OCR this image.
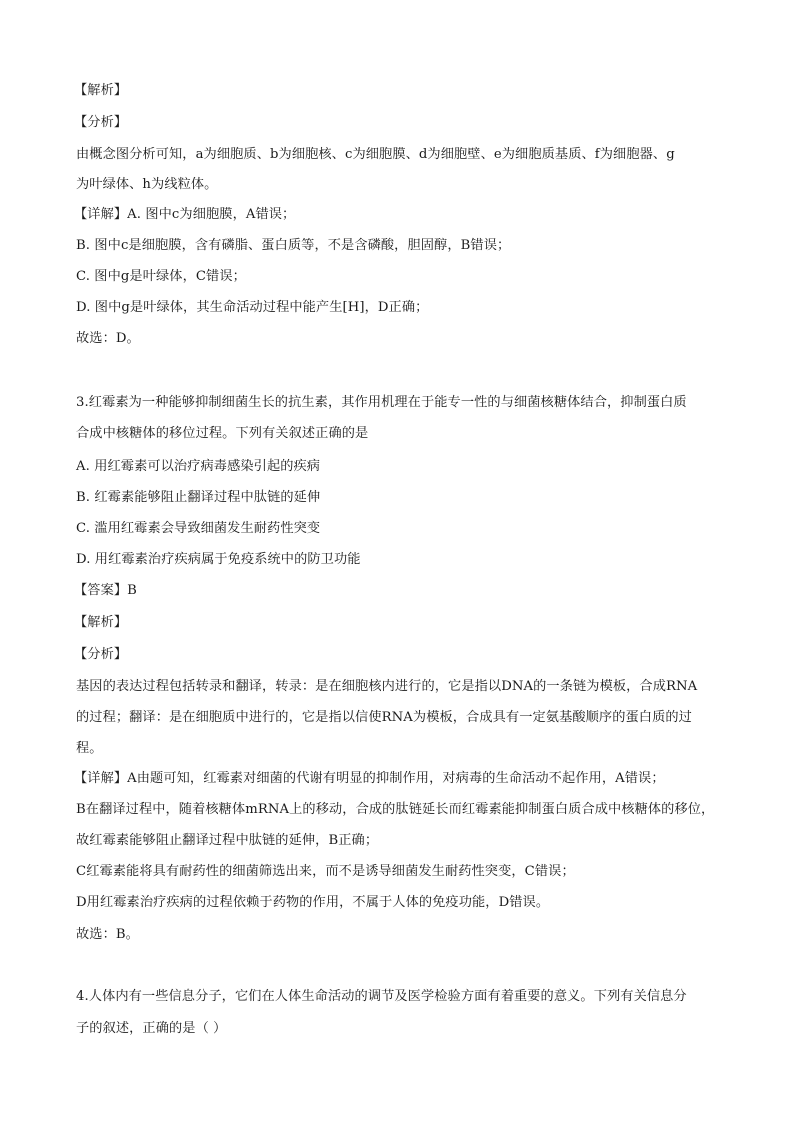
【解析】
【分析】
由概念图分析可知，a为细胞质、b为细胞核、c为细胞膜、d为细胞壁、e为细胞质基质、f为细胞器、g
为叶绿体、h为线粒体。
【详解】A. 图中c为细胞膜，A错误；
B. 图中c是细胞膜，含有磷脂、蛋白质等，不是含磷酸，胆固醇，B错误；
C. 图中g是叶绿体，C错误；
D. 图中g是叶绿体，其生命活动过程中能产生[H]，D正确；
故选：D。
3.红霉素为一种能够抑制细菌生长的抗生素，其作用机理在于能专一性的与细菌核糖体结合，抑制蛋白质
合成中核糖体的移位过程。下列有关叙述正确的是
A. 用红霉素可以治疗病毒感染引起的疾病
B. 红霉素能够阻止翻译过程中肽链的延伸
C. 滥用红霉素会导致细菌发生耐药性突变
D. 用红霉素治疗疾病属于免疫系统中的防卫功能
【答案】B
【解析】
【分析】
基因的表达过程包括转录和翻译，转录：是在细胞核内进行的，它是指以DNA的一条链为模板，合成RNA
的过程；翻译：是在细胞质中进行的，它是指以信使RNA为模板，合成具有一定氨基酸顺序的蛋白质的过
程。
【详解】A由题可知，红霉素对细菌的代谢有明显的抑制作用，对病毒的生命活动不起作用，A错误；
B在翻译过程中，随着核糖体mRNA上的移动，合成的肽链延长而红霉素能抑制蛋白质合成中核糖体的移位，
故红霉素能够阻止翻译过程中肽链的延伸，B正确；
C红霉素能将具有耐药性的细菌筛选出来，而不是诱导细菌发生耐药性突变，C错误；
D用红霉素治疗疾病的过程依赖于药物的作用，不属于人体的免疫功能，D错误。
故选：B。
4.人体内有一些信息分子，它们在人体生命活动的调节及医学检验方面有着重要的意义。下列有关信息分
子的叙述，正确的是（ ）
